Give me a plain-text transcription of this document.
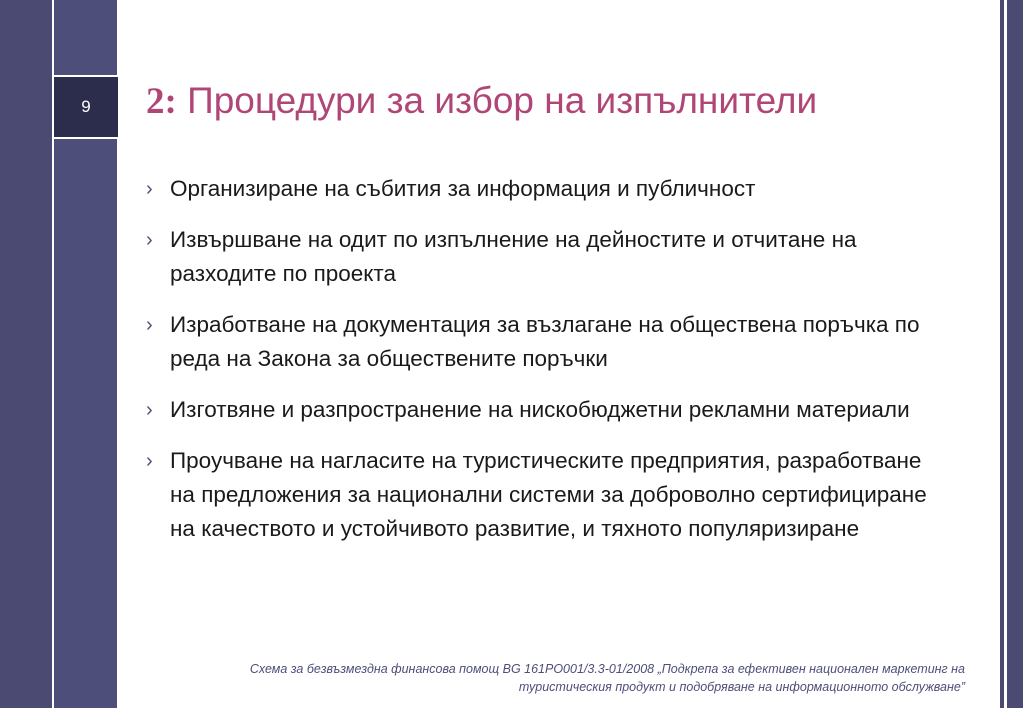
9 2: Процедури за избор на изпълнители
› Организиране на събития за информация и публичност
› Извършване на одит по изпълнение на дейностите и отчитане на разходите по проекта
› Изработване на документация за възлагане на обществена поръчка по реда на Закона за обществените поръчки
› Изготвяне и разпространение на нискобюджетни рекламни материали
› Проучване на нагласите на туристическите предприятия, разработване на предложения за национални системи за доброволно сертифициране на качеството и устойчивото развитие, и тяхното популяризиране
Схема за безвъзмездна финансова помощ BG 161PO001/3.3-01/2008 „Подкрепа за ефективен национален маркетинг на
туристическия продукт и подобряване на информационното обслужване”
